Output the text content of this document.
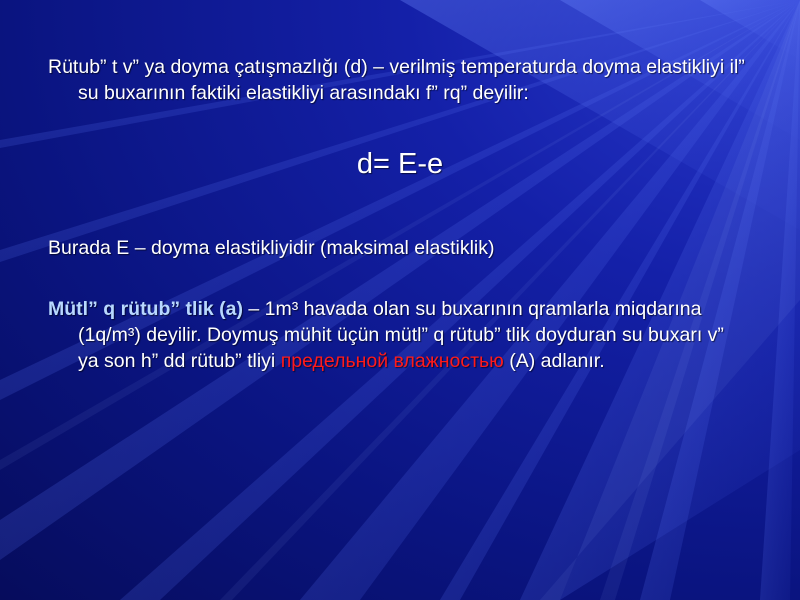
Rütub” t v” ya doyma çatışmazlığı (d) – verilmiş temperaturda doyma elastikliyi il” su buxarının faktiki elastikliyi arasındakı f” rq” deyilir:
d= E-e
Burada E – doyma elastikliyidir (maksimal elastiklik)
Mütl” q rütub” tlik (a) – 1m³ havada olan su buxarının qramlarla miqdarına (1q/m³) deyilir. Doymuş mühit üçün mütl” q rütub” tlik doyduran su buxarı v” ya son h” dd rütub” tliyi предельной влажностью (A) adlanır.
